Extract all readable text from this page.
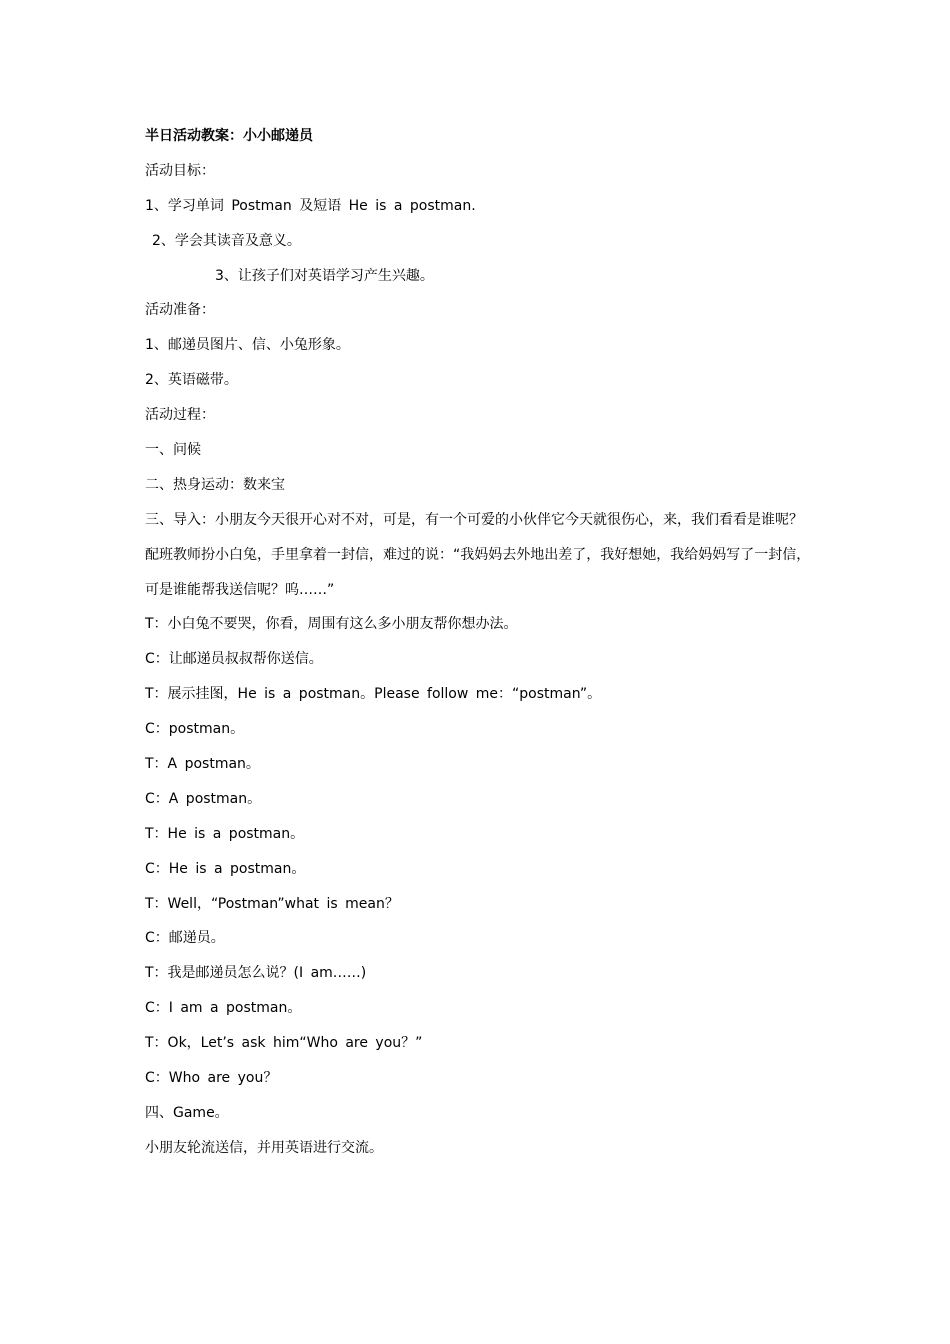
半日活动教案：小小邮递员
活动目标：
1、学习单词 Postman 及短语 He is a postman.
2、学会其读音及意义。
3、让孩子们对英语学习产生兴趣。
活动准备：
1、邮递员图片、信、小兔形象。
2、英语磁带。
活动过程：
一、问候
二、热身运动：数来宝
三、导入：小朋友今天很开心对不对，可是，有一个可爱的小伙伴它今天就很伤心，来，我们看看是谁呢？
配班教师扮小白兔，手里拿着一封信，难过的说：“我妈妈去外地出差了，我好想她，我给妈妈写了一封信，
可是谁能帮我送信呢？呜……”
T：小白兔不要哭，你看，周围有这么多小朋友帮你想办法。
C：让邮递员叔叔帮你送信。
T：展示挂图，He is a postman。Please follow me：“postman”。
C：postman。
T：A postman。
C：A postman。
T：He is a postman。
C：He is a postman。
T：Well，“Postman”what is mean？
C：邮递员。
T：我是邮递员怎么说？(I am……)
C：I am a postman。
T：Ok，Let’s ask him“Who are you？”
C：Who are you？
四、Game。
小朋友轮流送信，并用英语进行交流。
